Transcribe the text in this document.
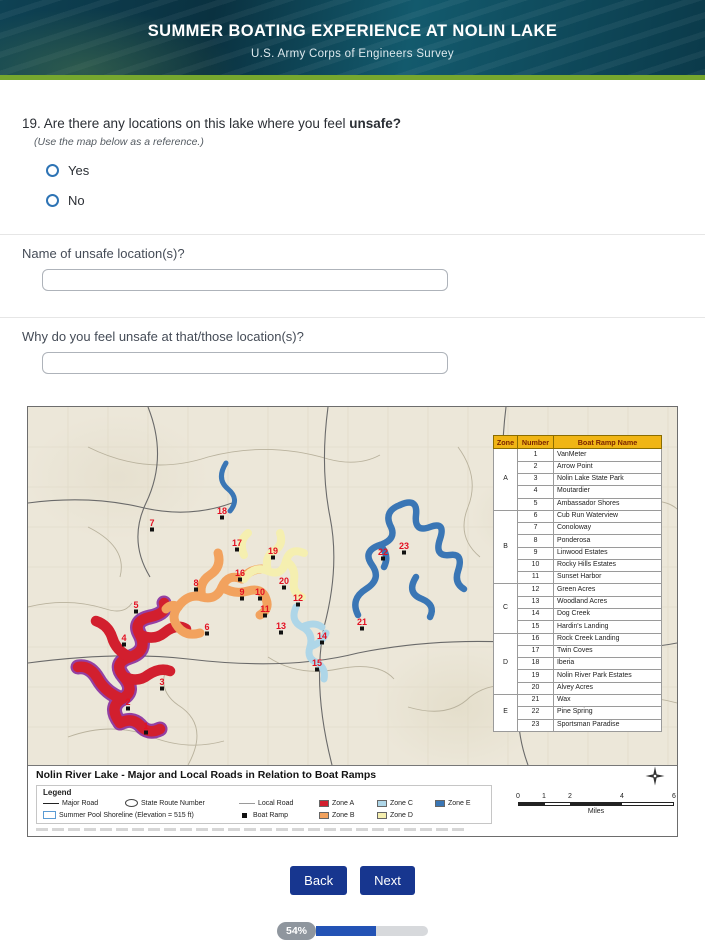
SUMMER BOATING EXPERIENCE AT NOLIN LAKE
U.S. Army Corps of Engineers Survey
19. Are there any locations on this lake where you feel unsafe?
(Use the map below as a reference.)
Yes
No
Name of unsafe location(s)?
Why do you feel unsafe at that/those location(s)?
1
2
3
4
5
6
7
8
9 10
11
12
13
14
15
16
17
18
19
20
21
22
23
Zone	Number	Boat Ramp Name
A	1	VanMeter
	2	Arrow Point
	3	Nolin Lake State Park
	4	Moutardier
	5	Ambassador Shores
B	6	Cub Run Waterview
	7	Conoloway
	8	Ponderosa
	9	Linwood Estates
	10	Rocky Hills Estates
	11	Sunset Harbor
C	12	Green Acres
	13	Woodland Acres
	14	Dog Creek
	15	Hardin's Landing
D	16	Rock Creek Landing
	17	Twin Coves
	18	Iberia
	19	Nolin River Park Estates
	20	Alvey Acres
E	21	Wax
	22	Pine Spring
	23	Sportsman Paradise
Nolin River Lake - Major and Local Roads in Relation to Boat Ramps
Legend
Major Road	State Route Number	Local Road	Zone A	Zone C	Zone E
Summer Pool Shoreline (Elevation = 515 ft)	Boat Ramp	Zone B	Zone D
0	1	2	4	6
Miles
Back	Next
54%
